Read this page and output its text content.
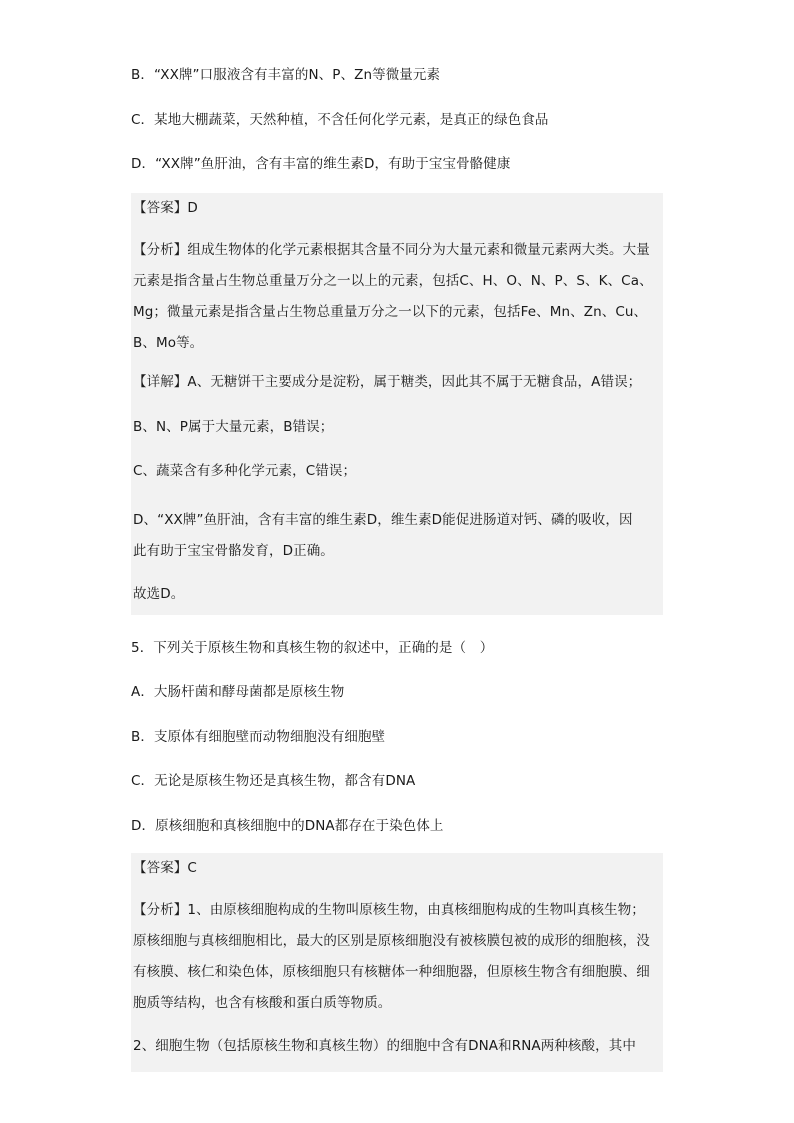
B．“XX牌”口服液含有丰富的N、P、Zn等微量元素
C．某地大棚蔬菜，天然种植，不含任何化学元素，是真正的绿色食品
D．“XX牌”鱼肝油，含有丰富的维生素D，有助于宝宝骨骼健康
【答案】D
【分析】组成生物体的化学元素根据其含量不同分为大量元素和微量元素两大类。大量
元素是指含量占生物总重量万分之一以上的元素，包括C、H、O、N、P、S、K、Ca、
Mg；微量元素是指含量占生物总重量万分之一以下的元素，包括Fe、Mn、Zn、Cu、
B、Mo等。
【详解】A、无糖饼干主要成分是淀粉，属于糖类，因此其不属于无糖食品，A错误；
B、N、P属于大量元素，B错误；
C、蔬菜含有多种化学元素，C错误；
D、“XX牌”鱼肝油，含有丰富的维生素D，维生素D能促进肠道对钙、磷的吸收，因
此有助于宝宝骨骼发育，D正确。
故选D。
5．下列关于原核生物和真核生物的叙述中，正确的是（　）
A．大肠杆菌和酵母菌都是原核生物
B．支原体有细胞壁而动物细胞没有细胞壁
C．无论是原核生物还是真核生物，都含有DNA
D．原核细胞和真核细胞中的DNA都存在于染色体上
【答案】C
【分析】1、由原核细胞构成的生物叫原核生物，由真核细胞构成的生物叫真核生物；
原核细胞与真核细胞相比，最大的区别是原核细胞没有被核膜包被的成形的细胞核，没
有核膜、核仁和染色体，原核细胞只有核糖体一种细胞器，但原核生物含有细胞膜、细
胞质等结构，也含有核酸和蛋白质等物质。
2、细胞生物（包括原核生物和真核生物）的细胞中含有DNA和RNA两种核酸，其中
